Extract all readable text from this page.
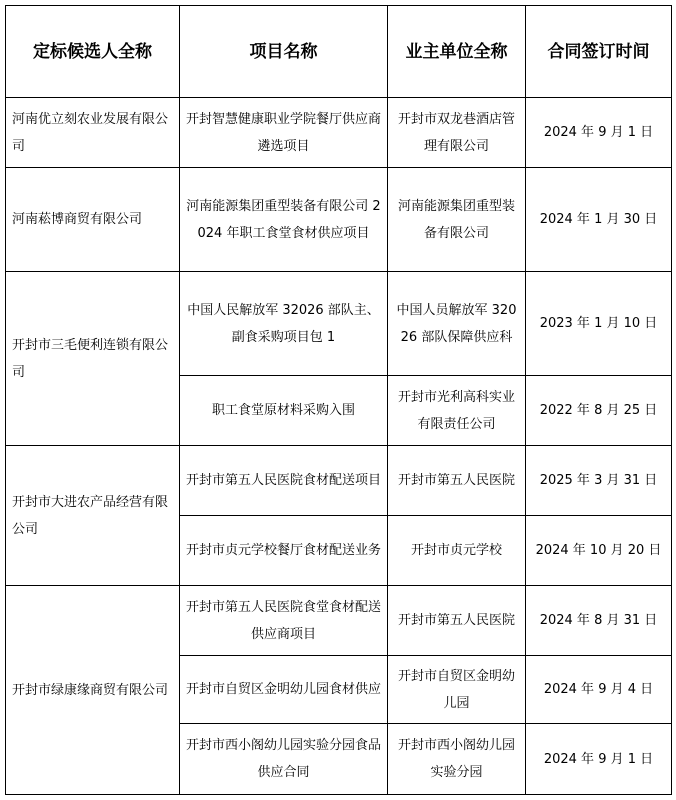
定标候选人全称	项目名称	业主单位全称	合同签订时间
河南优立刻农业发展有限公司	开封智慧健康职业学院餐厅供应商遴选项目	开封市双龙巷酒店管理有限公司	2024 年 9 月 1 日
河南菘博商贸有限公司	河南能源集团重型装备有限公司 2024 年职工食堂食材供应项目	河南能源集团重型装备有限公司	2024 年 1 月 30 日
开封市三毛便利连锁有限公司	中国人民解放军 32026 部队主、副食采购项目包 1	中国人员解放军 32026 部队保障供应科	2023 年 1 月 10 日
	职工食堂原材料采购入围	开封市光利高科实业有限责任公司	2022 年 8 月 25 日
开封市大进农产品经营有限公司	开封市第五人民医院食材配送项目	开封市第五人民医院	2025 年 3 月 31 日
	开封市贞元学校餐厅食材配送业务	开封市贞元学校	2024 年 10 月 20 日
开封市绿康缘商贸有限公司	开封市第五人民医院食堂食材配送供应商项目	开封市第五人民医院	2024 年 8 月 31 日
	开封市自贸区金明幼儿园食材供应	开封市自贸区金明幼儿园	2024 年 9 月 4 日
	开封市西小阁幼儿园实验分园食品供应合同	开封市西小阁幼儿园实验分园	2024 年 9 月 1 日
